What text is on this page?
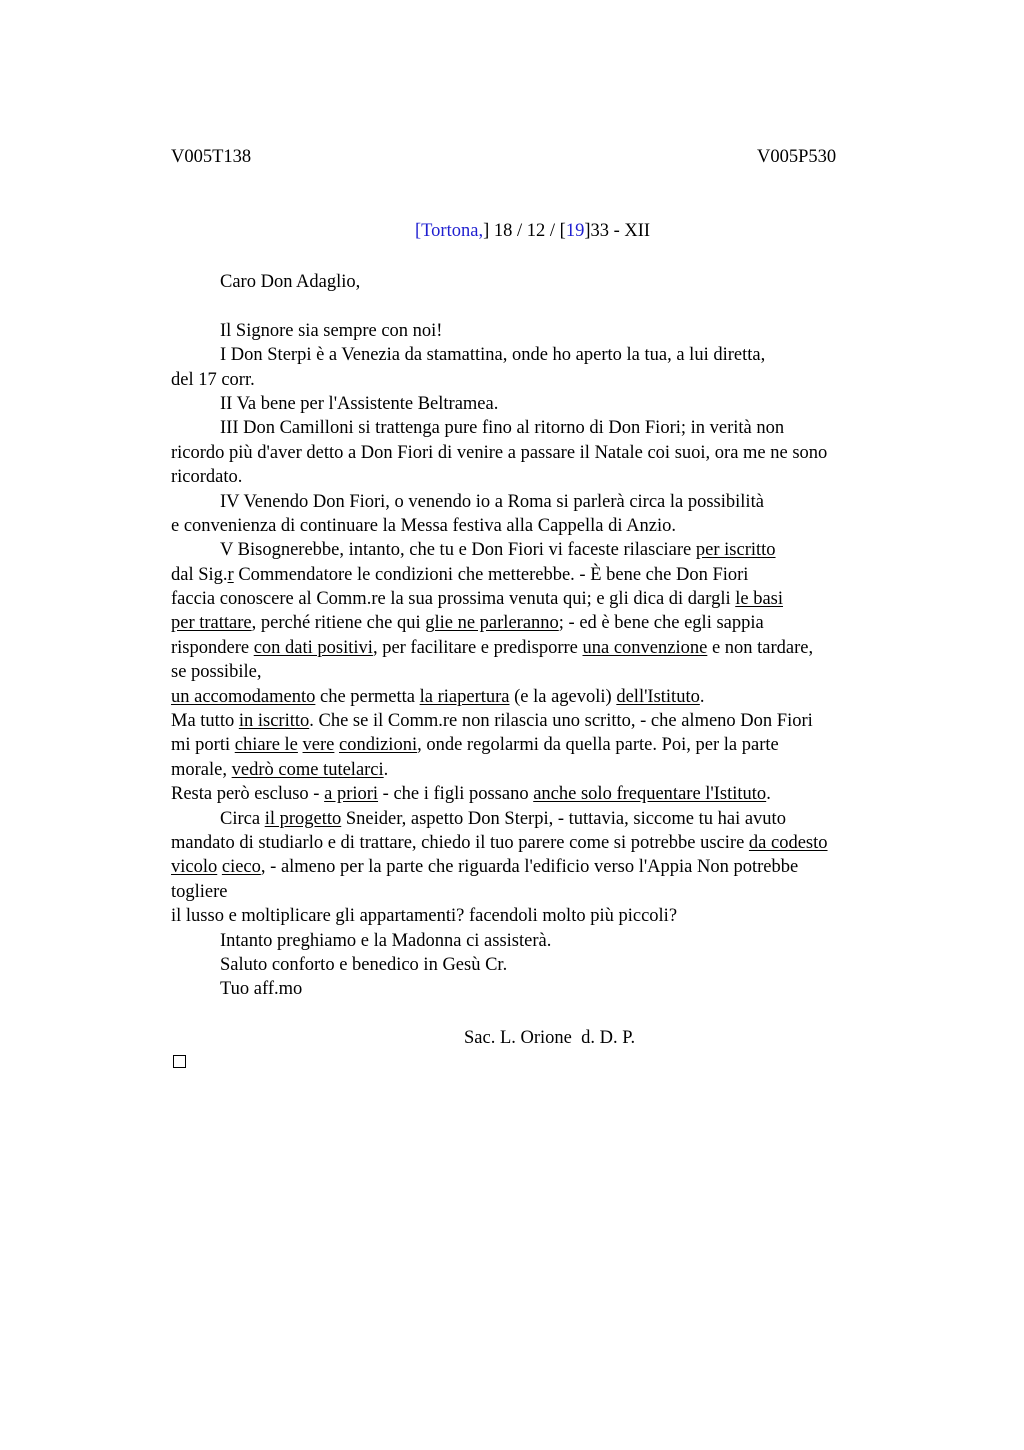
V005T138	V005P530
[Tortona,] 18 / 12 / [19]33 - XII
Caro Don Adaglio,
Il Signore sia sempre con noi!
I Don Sterpi è a Venezia da stamattina, onde ho aperto la tua, a lui diretta,
del 17 corr.
II Va bene per l'Assistente Beltramea.
III Don Camilloni si trattenga pure fino al ritorno di Don Fiori; in verità non
ricordo più d'aver detto a Don Fiori di venire a passare il Natale coi suoi, ora me ne sono
ricordato.
IV Venendo Don Fiori, o venendo io a Roma si parlerà circa la possibilità
e convenienza di continuare la Messa festiva alla Cappella di Anzio.
V Bisognerebbe, intanto, che tu e Don Fiori vi faceste rilasciare per iscritto
dal Sig.r Commendatore le condizioni che metterebbe. - È bene che Don Fiori
faccia conoscere al Comm.re la sua prossima venuta qui; e gli dica di dargli le basi
per trattare, perché ritiene che qui glie ne parleranno; - ed è bene che egli sappia
rispondere con dati positivi, per facilitare e predisporre una convenzione e non tardare,
se possibile,
un accomodamento che permetta la riapertura (e la agevoli) dell'Istituto.
Ma tutto in iscritto. Che se il Comm.re non rilascia uno scritto, - che almeno Don Fiori
mi porti chiare le vere condizioni, onde regolarmi da quella parte. Poi, per la parte
morale, vedrò come tutelarci.
Resta però escluso - a priori - che i figli possano anche solo frequentare l'Istituto.
Circa il progetto Sneider, aspetto Don Sterpi, - tuttavia, siccome tu hai avuto
mandato di studiarlo e di trattare, chiedo il tuo parere come si potrebbe uscire da codesto
vicolo cieco, - almeno per la parte che riguarda l'edificio verso l'Appia Non potrebbe
togliere
il lusso e moltiplicare gli appartamenti? facendoli molto più piccoli?
Intanto preghiamo e la Madonna ci assisterà.
Saluto conforto e benedico in Gesù Cr.
Tuo aff.mo
Sac. L. Orione  d. D. P.
